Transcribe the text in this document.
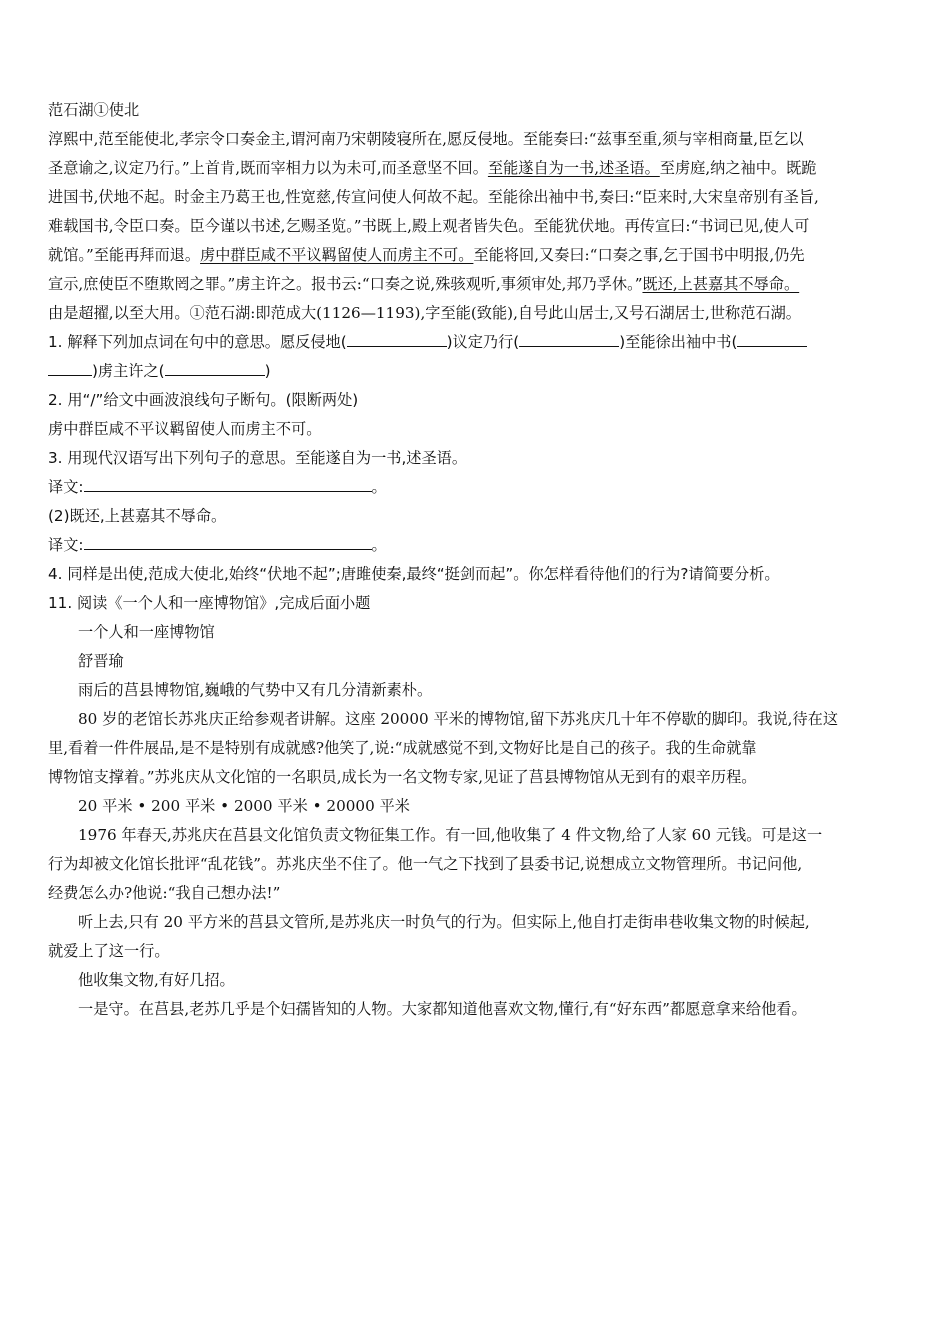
范石湖①使北
淳熙中,范至能使北,孝宗令口奏金主,谓河南乃宋朝陵寝所在,愿反侵地。至能奏曰:“兹事至重,须与宰相商量,臣乞以
圣意谕之,议定乃行。”上首肯,既而宰相力以为未可,而圣意坚不回。至能遂自为一书,述圣语。至虏庭,纳之袖中。既跪
进国书,伏地不起。时金主乃葛王也,性宽慈,传宣问使人何故不起。至能徐出袖中书,奏曰:“臣来时,大宋皇帝别有圣旨,
难载国书,令臣口奏。臣今谨以书述,乞赐圣览。”书既上,殿上观者皆失色。至能犹伏地。再传宣曰:“书词已见,使人可
就馆。”至能再拜而退。虏中群臣咸不平议羁留使人而虏主不可。至能将回,又奏曰:“口奏之事,乞于国书中明报,仍先
宣示,庶使臣不堕欺罔之罪。”虏主许之。报书云:“口奏之说,殊骇观听,事须审处,邦乃孚休。”既还,上甚嘉其不辱命。
由是超擢,以至大用。①范石湖:即范成大(1126—1193),字至能(致能),自号此山居士,又号石湖居士,世称范石湖。
1. 解释下列加点词在句中的意思。愿反侵地(	)议定乃行(	)至能徐出袖中书(
)虏主许之(	)
2. 用“/”给文中画波浪线句子断句。(限断两处)
虏中群臣咸不平议羁留使人而虏主不可。
3. 用现代汉语写出下列句子的意思。至能遂自为一书,述圣语。
译文:	。
(2)既还,上甚嘉其不辱命。
译文:	。
4. 同样是出使,范成大使北,始终“伏地不起”;唐雎使秦,最终“挺剑而起”。你怎样看待他们的行为?请简要分析。
11. 阅读《一个人和一座博物馆》,完成后面小题
一个人和一座博物馆
舒晋瑜
雨后的莒县博物馆,巍峨的气势中又有几分清新素朴。
80 岁的老馆长苏兆庆正给参观者讲解。这座 20000 平米的博物馆,留下苏兆庆几十年不停歇的脚印。我说,待在这
里,看着一件件展品,是不是特别有成就感?他笑了,说:“成就感觉不到,文物好比是自己的孩子。我的生命就靠
博物馆支撑着。”苏兆庆从文化馆的一名职员,成长为一名文物专家,见证了莒县博物馆从无到有的艰辛历程。
20 平米 • 200 平米 • 2000 平米 • 20000 平米
1976 年春天,苏兆庆在莒县文化馆负责文物征集工作。有一回,他收集了 4 件文物,给了人家 60 元钱。可是这一
行为却被文化馆长批评“乱花钱”。苏兆庆坐不住了。他一气之下找到了县委书记,说想成立文物管理所。书记问他,
经费怎么办?他说:“我自己想办法!”
听上去,只有 20 平方米的莒县文管所,是苏兆庆一时负气的行为。但实际上,他自打走街串巷收集文物的时候起,
就爱上了这一行。
他收集文物,有好几招。
一是守。在莒县,老苏几乎是个妇孺皆知的人物。大家都知道他喜欢文物,懂行,有“好东西”都愿意拿来给他看。
